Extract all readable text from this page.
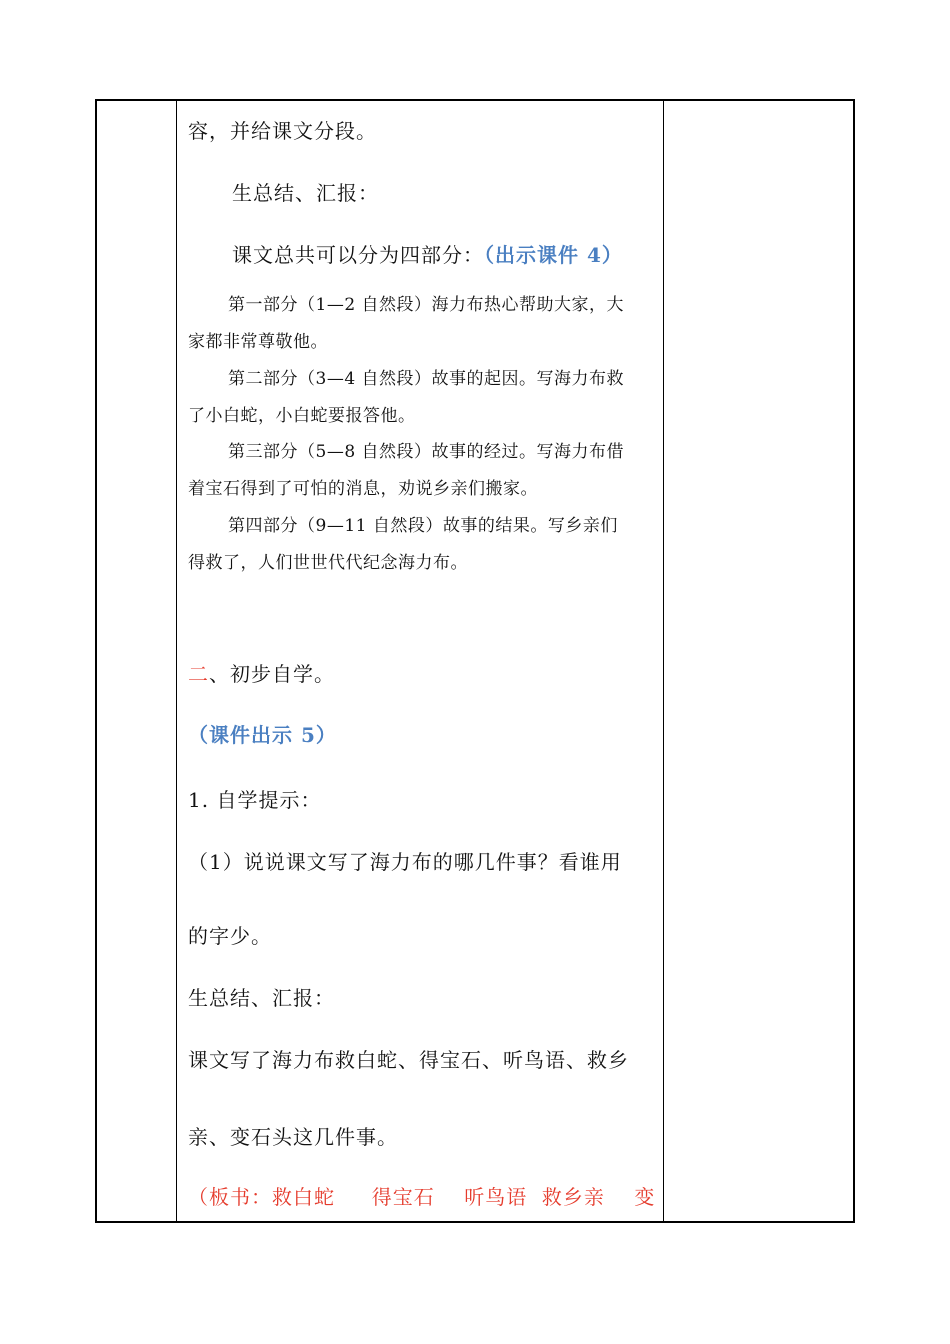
容，并给课文分段。
生总结、汇报：
课文总共可以分为四部分：（出示课件 4）
第一部分（1—2 自然段）海力布热心帮助大家，大
家都非常尊敬他。
第二部分（3—4 自然段）故事的起因。写海力布救
了小白蛇，小白蛇要报答他。
第三部分（5—8 自然段）故事的经过。写海力布借
着宝石得到了可怕的消息，劝说乡亲们搬家。
第四部分（9—11 自然段）故事的结果。写乡亲们
得救了，人们世世代代纪念海力布。
二、初步自学。
（课件出示 5）
1. 自学提示：
（1）说说课文写了海力布的哪几件事？看谁用
的字少。
生总结、汇报：
课文写了海力布救白蛇、得宝石、听鸟语、救乡
亲、变石头这几件事。
（板书：救白蛇     得宝石    听鸟语  救乡亲    变
